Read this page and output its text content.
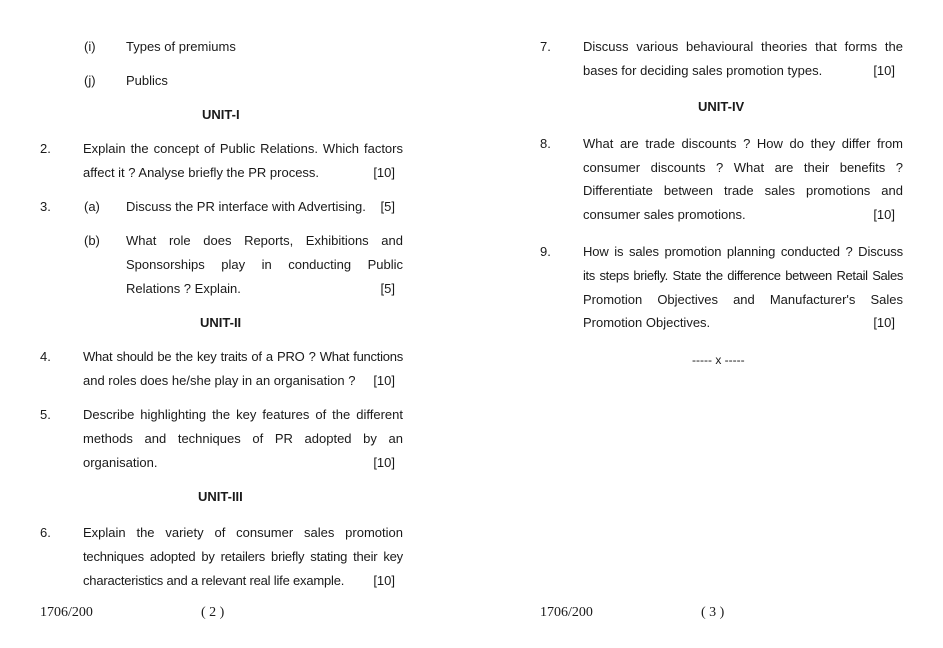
(i) Types of premiums
(j) Publics
UNIT-I
2. Explain the concept of Public Relations. Which factors
affect it ? Analyse briefly the PR process.	[10]
3.	(a) Discuss the PR interface with Advertising.	[5]
(b) What role does Reports, Exhibitions and
Sponsorships play in conducting Public
Relations ? Explain.	[5]
UNIT-II
4. What should be the key traits of a PRO ? What functions
and roles does he/she play in an organisation ?	[10]
5. Describe highlighting the key features of the different
methods and techniques of PR adopted by an
organisation.	[10]
UNIT-III
6. Explain the variety of consumer sales promotion
techniques adopted by retailers briefly stating their key
characteristics and a relevant real life example.	[10]
1706/200	( 2 )
7. Discuss various behavioural theories that forms the
bases for deciding sales promotion types.	[10]
UNIT-IV
8. What are trade discounts ? How do they differ from
consumer discounts ? What are their benefits ?
Differentiate between trade sales promotions and
consumer sales promotions.	[10]
9. How is sales promotion planning conducted ? Discuss
its steps briefly. State the difference between Retail Sales
Promotion Objectives and Manufacturer's Sales
Promotion Objectives.	[10]
----- x -----
1706/200	( 3 )
